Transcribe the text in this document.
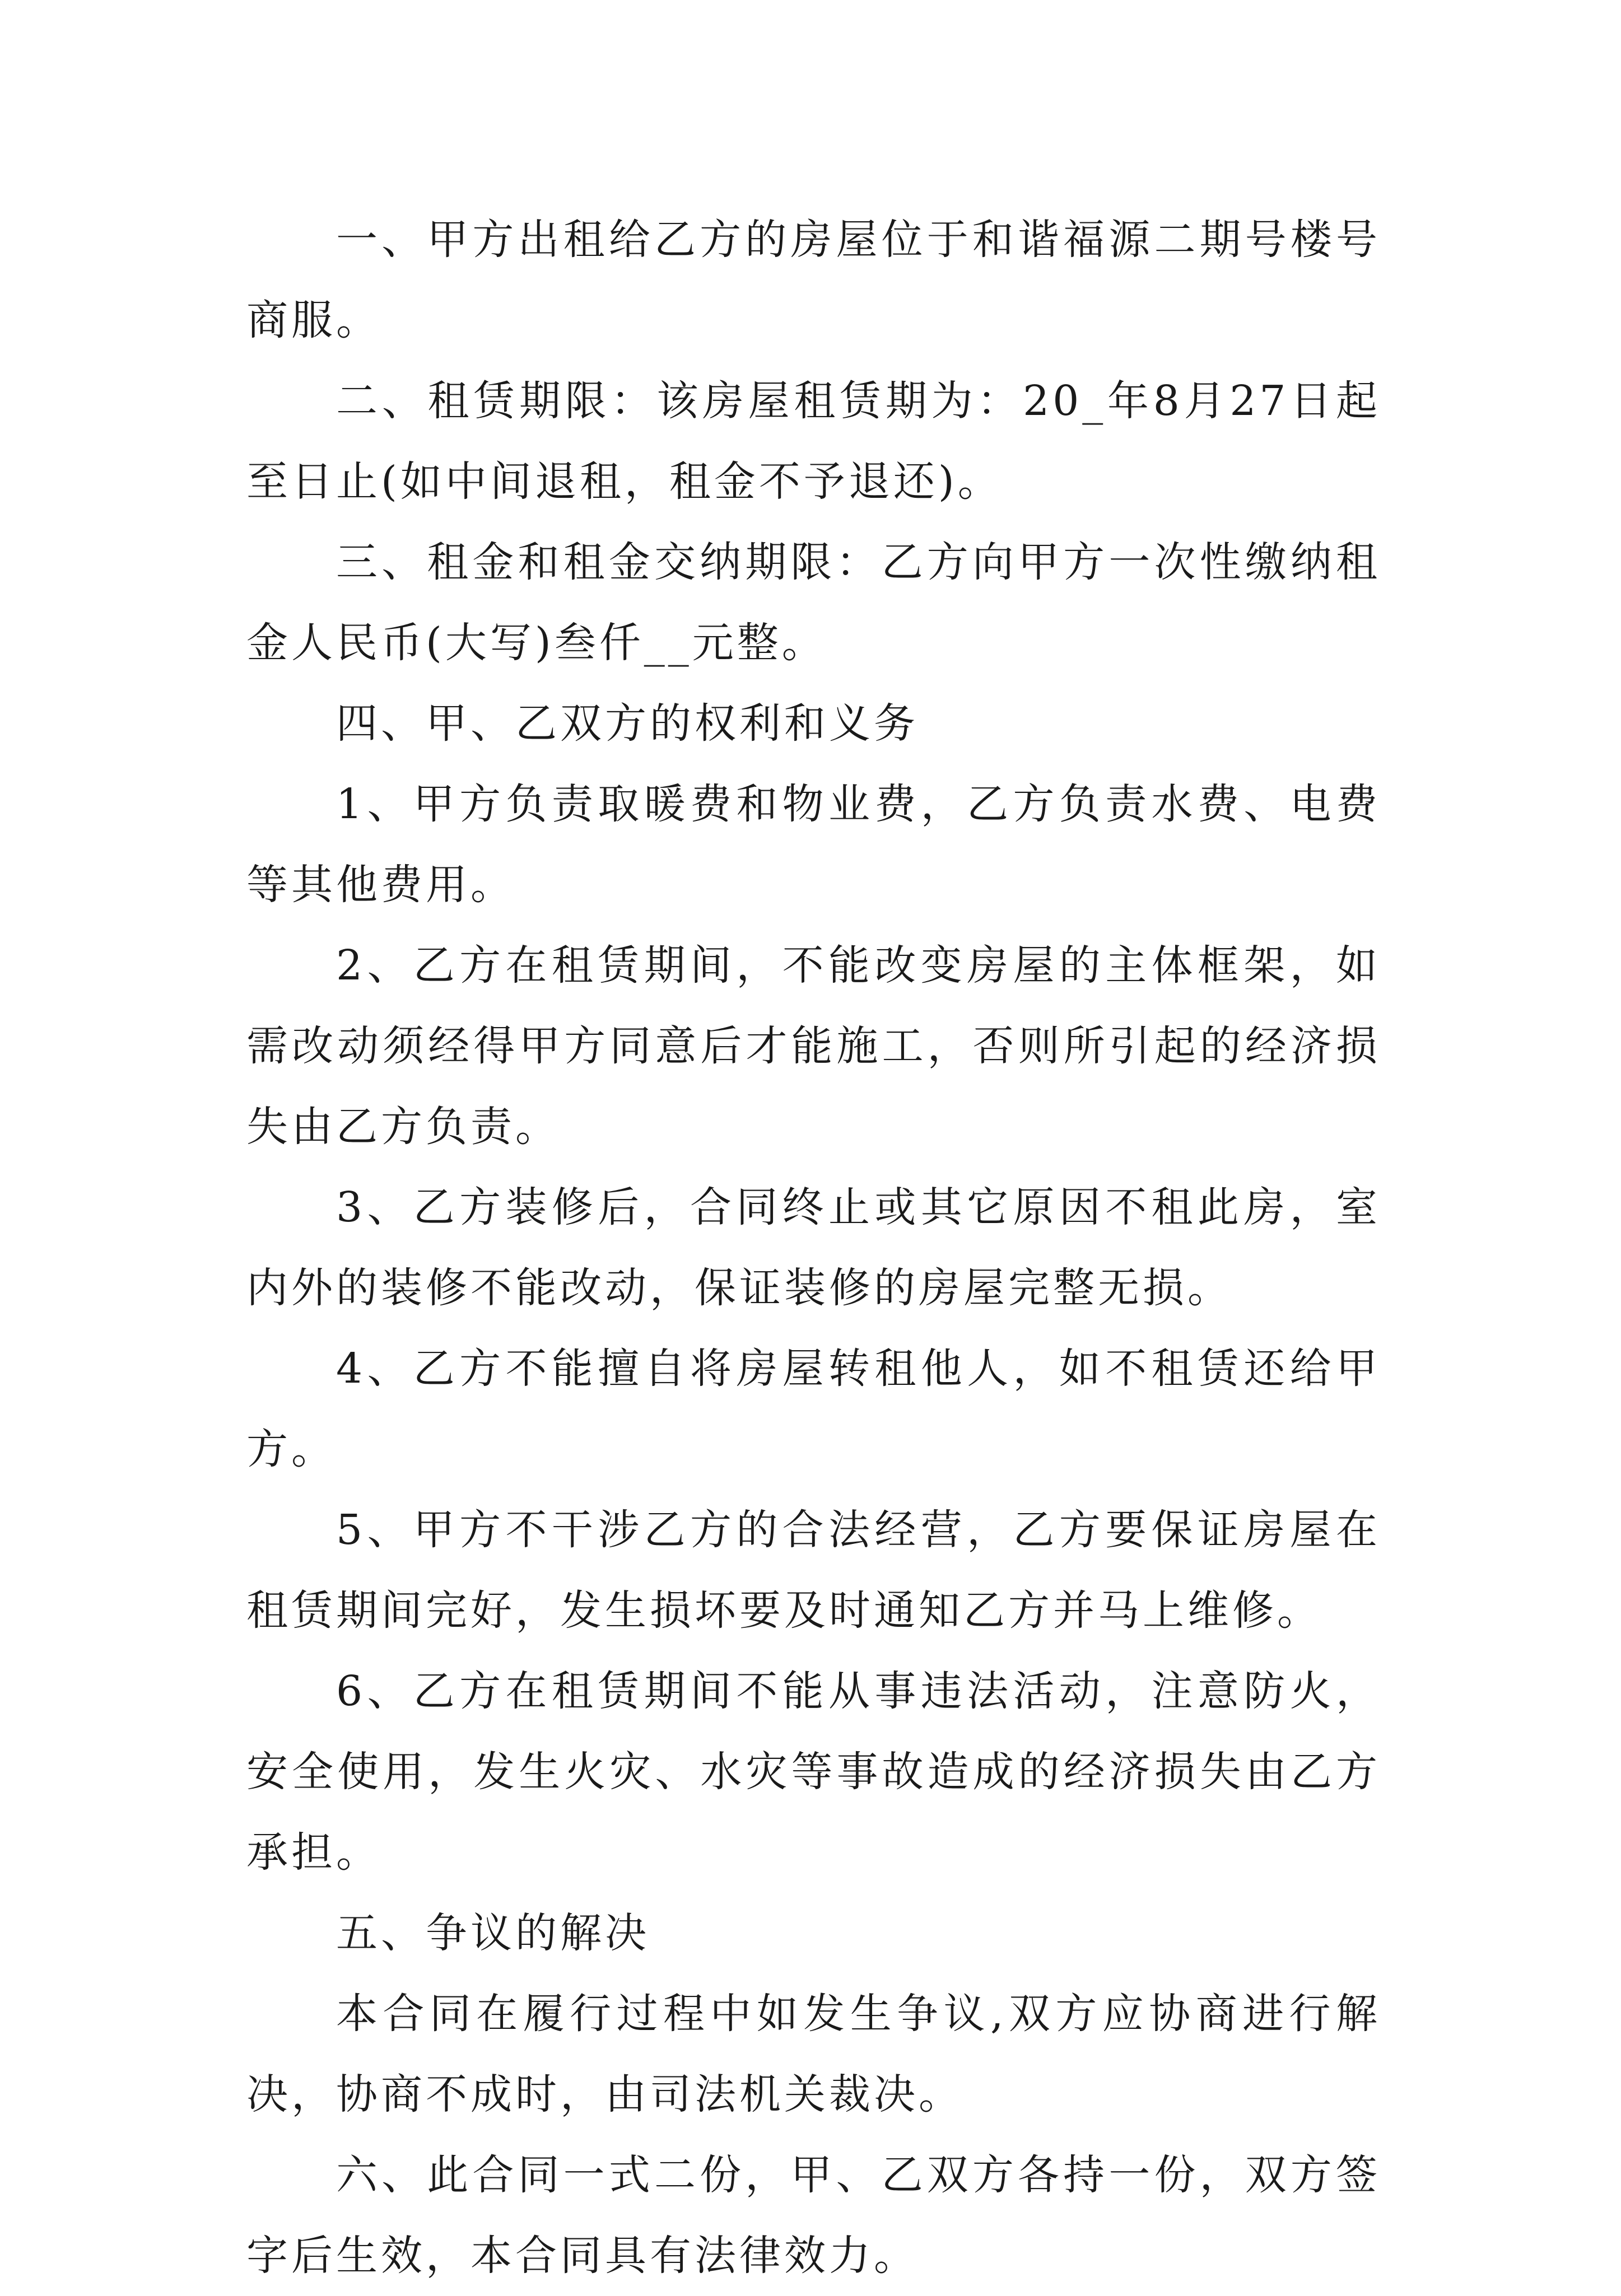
一、甲方出租给乙方的房屋位于和谐福源二期号楼号商服。

二、租赁期限：该房屋租赁期为：20_年8月27日起至日止(如中间退租，租金不予退还)。

三、租金和租金交纳期限：乙方向甲方一次性缴纳租金人民币(大写)叁仟__元整。

四、甲、乙双方的权利和义务

1、甲方负责取暖费和物业费，乙方负责水费、电费等其他费用。

2、乙方在租赁期间，不能改变房屋的主体框架，如需改动须经得甲方同意后才能施工，否则所引起的经济损失由乙方负责。

3、乙方装修后，合同终止或其它原因不租此房，室内外的装修不能改动，保证装修的房屋完整无损。

4、乙方不能擅自将房屋转租他人，如不租赁还给甲方。

5、甲方不干涉乙方的合法经营，乙方要保证房屋在租赁期间完好，发生损坏要及时通知乙方并马上维修。

6、乙方在租赁期间不能从事违法活动，注意防火，安全使用，发生火灾、水灾等事故造成的经济损失由乙方承担。

五、争议的解决

本合同在履行过程中如发生争议,双方应协商进行解决，协商不成时，由司法机关裁决。

六、此合同一式二份，甲、乙双方各持一份，双方签字后生效，本合同具有法律效力。
